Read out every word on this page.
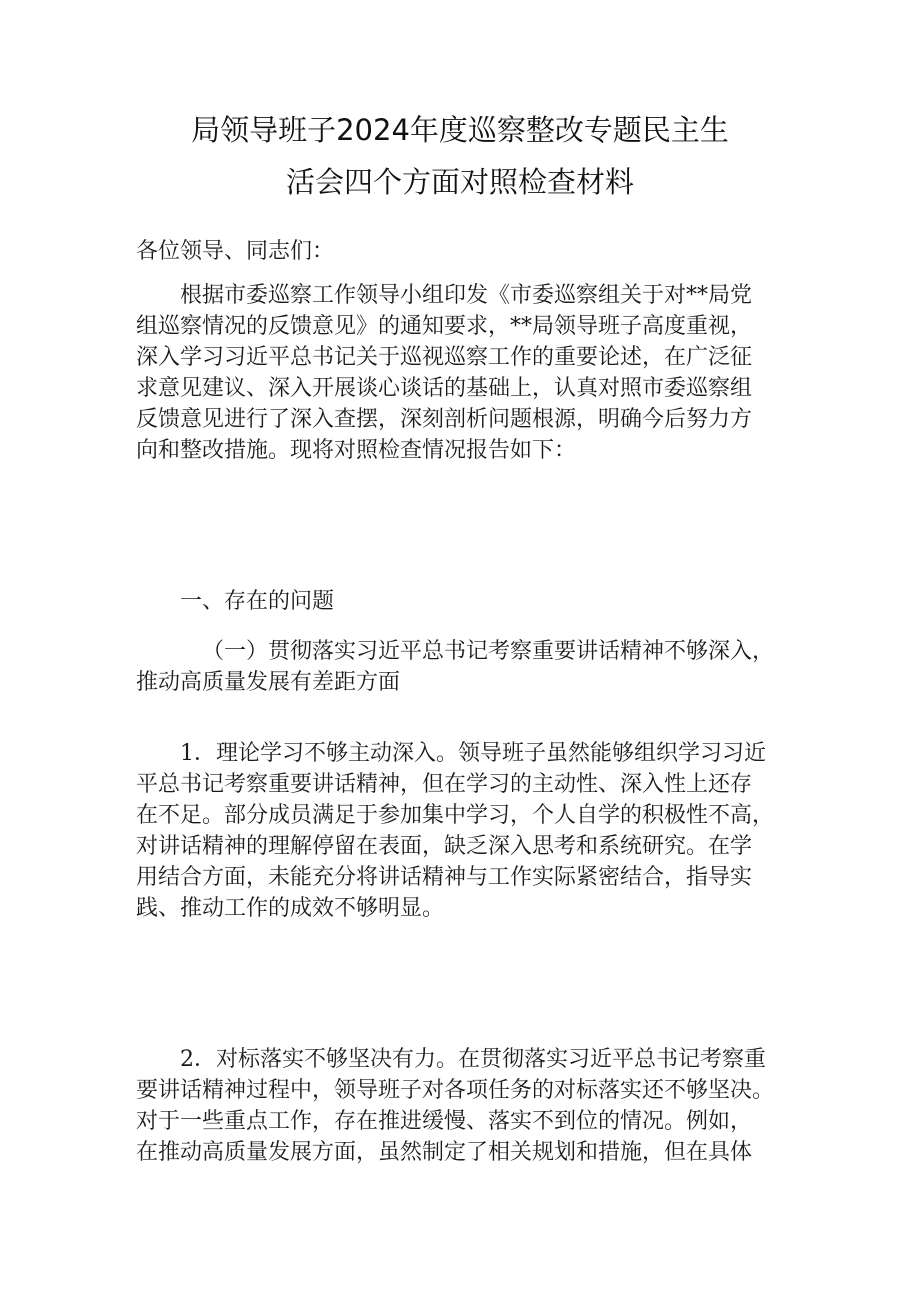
局领导班子2024年度巡察整改专题民主生
活会四个方面对照检查材料
各位领导、同志们：
根据市委巡察工作领导小组印发《市委巡察组关于对**局党
组巡察情况的反馈意见》的通知要求，**局领导班子高度重视，
深入学习习近平总书记关于巡视巡察工作的重要论述，在广泛征
求意见建议、深入开展谈心谈话的基础上，认真对照市委巡察组
反馈意见进行了深入查摆，深刻剖析问题根源，明确今后努力方
向和整改措施。现将对照检查情况报告如下：
一、存在的问题
（一）贯彻落实习近平总书记考察重要讲话精神不够深入，
推动高质量发展有差距方面
1．理论学习不够主动深入。领导班子虽然能够组织学习习近
平总书记考察重要讲话精神，但在学习的主动性、深入性上还存
在不足。部分成员满足于参加集中学习，个人自学的积极性不高，
对讲话精神的理解停留在表面，缺乏深入思考和系统研究。在学
用结合方面，未能充分将讲话精神与工作实际紧密结合，指导实
践、推动工作的成效不够明显。
2．对标落实不够坚决有力。在贯彻落实习近平总书记考察重
要讲话精神过程中，领导班子对各项任务的对标落实还不够坚决。
对于一些重点工作，存在推进缓慢、落实不到位的情况。例如，
在推动高质量发展方面，虽然制定了相关规划和措施，但在具体
